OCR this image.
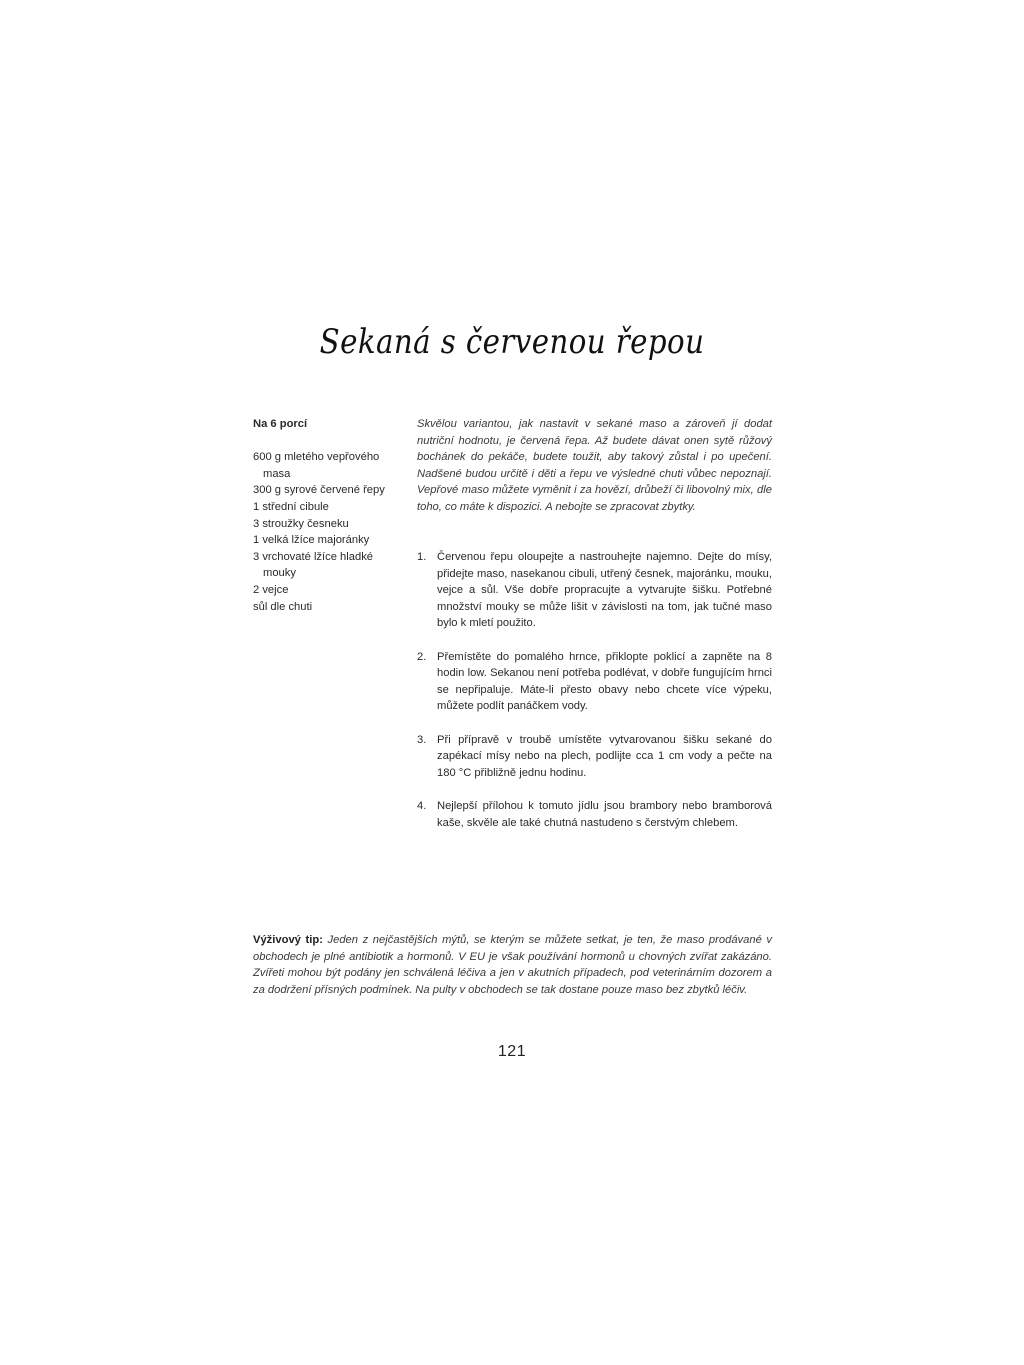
Sekaná s červenou řepou
Na 6 porcí
600 g mletého vepřového masa
300 g syrové červené řepy
1 střední cibule
3 stroužky česneku
1 velká lžíce majoránky
3 vrchovaté lžíce hladké mouky
2 vejce
sůl dle chuti
Skvělou variantou, jak nastavit v sekané maso a zároveň jí dodat nutriční hodnotu, je červená řepa. Až budete dávat onen sytě růžový bochánek do pekáče, budete toužit, aby takový zůstal i po upečení. Nadšené budou určitě i děti a řepu ve výsledné chuti vůbec nepoznají. Vepřové maso můžete vyměnit i za hovězí, drůbeží či libovolný mix, dle toho, co máte k dispozici. A nebojte se zpracovat zbytky.
1. Červenou řepu oloupejte a nastrouhejte najemno. Dejte do mísy, přidejte maso, nasekanou cibuli, utřený česnek, majoránku, mouku, vejce a sůl. Vše dobře propracujte a vytvarujte šišku. Potřebné množství mouky se může lišit v závislosti na tom, jak tučné maso bylo k mletí použito.
2. Přemístěte do pomalého hrnce, přiklopte poklicí a zapněte na 8 hodin low. Sekanou není potřeba podlévat, v dobře fungujícím hrnci se nepřipaluje. Máte-li přesto obavy nebo chcete více výpeku, můžete podlít panáčkem vody.
3. Při přípravě v troubě umístěte vytvarovanou šišku sekané do zapékací mísy nebo na plech, podlijte cca 1 cm vody a pečte na 180 °C přibližně jednu hodinu.
4. Nejlepší přílohou k tomuto jídlu jsou brambory nebo bramborová kaše, skvěle ale také chutná nastudeno s čerstvým chlebem.
Výživový tip: Jeden z nejčastějších mýtů, se kterým se můžete setkat, je ten, že maso prodávané v obchodech je plné antibiotik a hormonů. V EU je však používání hormonů u chovných zvířat zakázáno. Zvířeti mohou být podány jen schválená léčiva a jen v akutních případech, pod veterinárním dozorem a za dodržení přísných podmínek. Na pulty v obchodech se tak dostane pouze maso bez zbytků léčiv.
121
